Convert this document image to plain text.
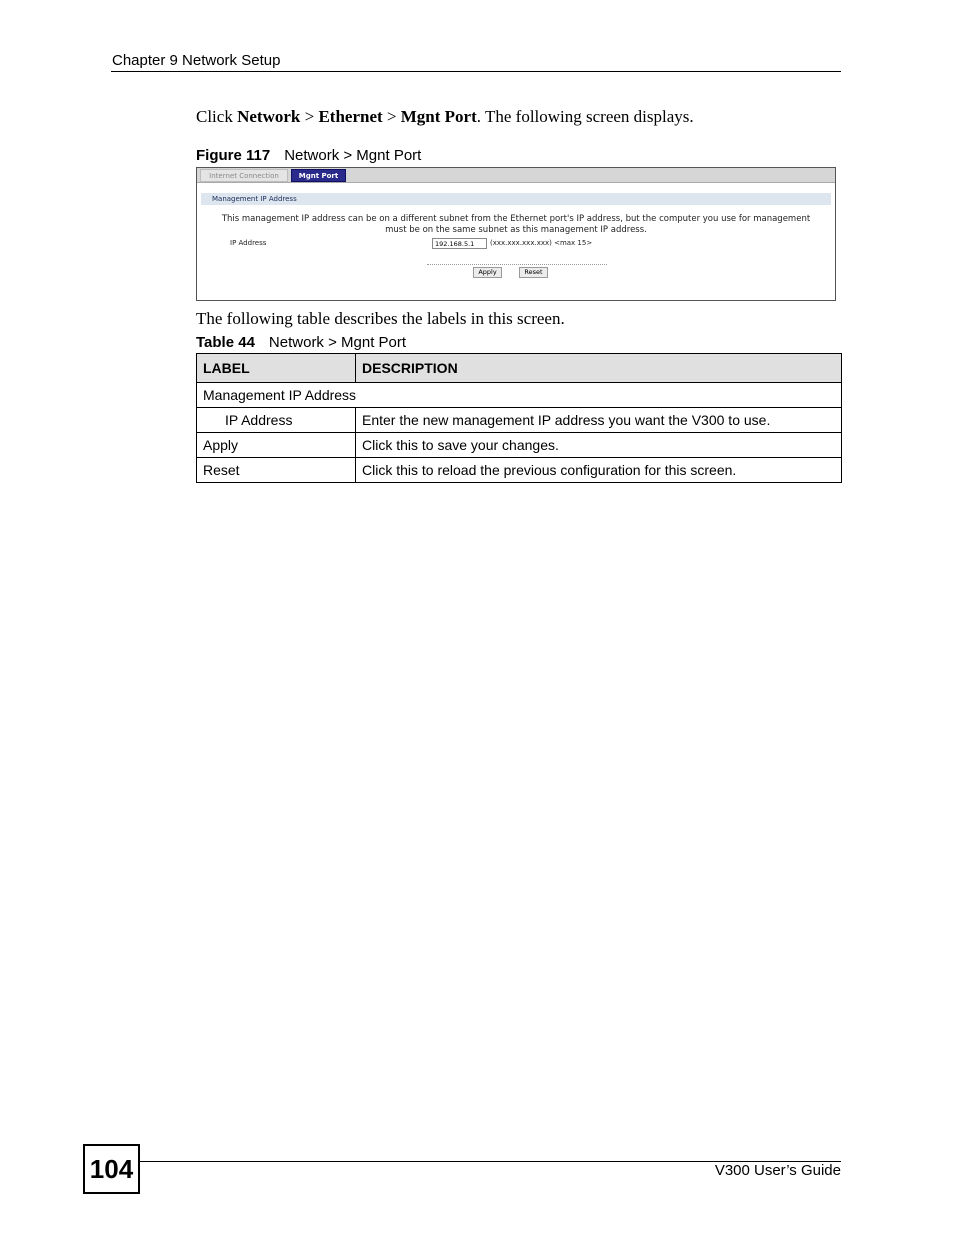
Chapter 9 Network Setup
Click Network > Ethernet > Mgnt Port. The following screen displays.
Figure 117 Network > Mgnt Port
Internet Connection	Mgnt Port
Management IP Address
This management IP address can be on a different subnet from the Ethernet port's IP address, but the computer you use for management
must be on the same subnet as this management IP address.
IP Address	192.168.5.1	(xxx.xxx.xxx.xxx) <max 15>
Apply	Reset
The following table describes the labels in this screen.
Table 44 Network > Mgnt Port
LABEL	DESCRIPTION
Management IP Address	
IP Address	Enter the new management IP address you want the V300 to use.
Apply	Click this to save your changes.
Reset	Click this to reload the previous configuration for this screen.
104	V300 User’s Guide
